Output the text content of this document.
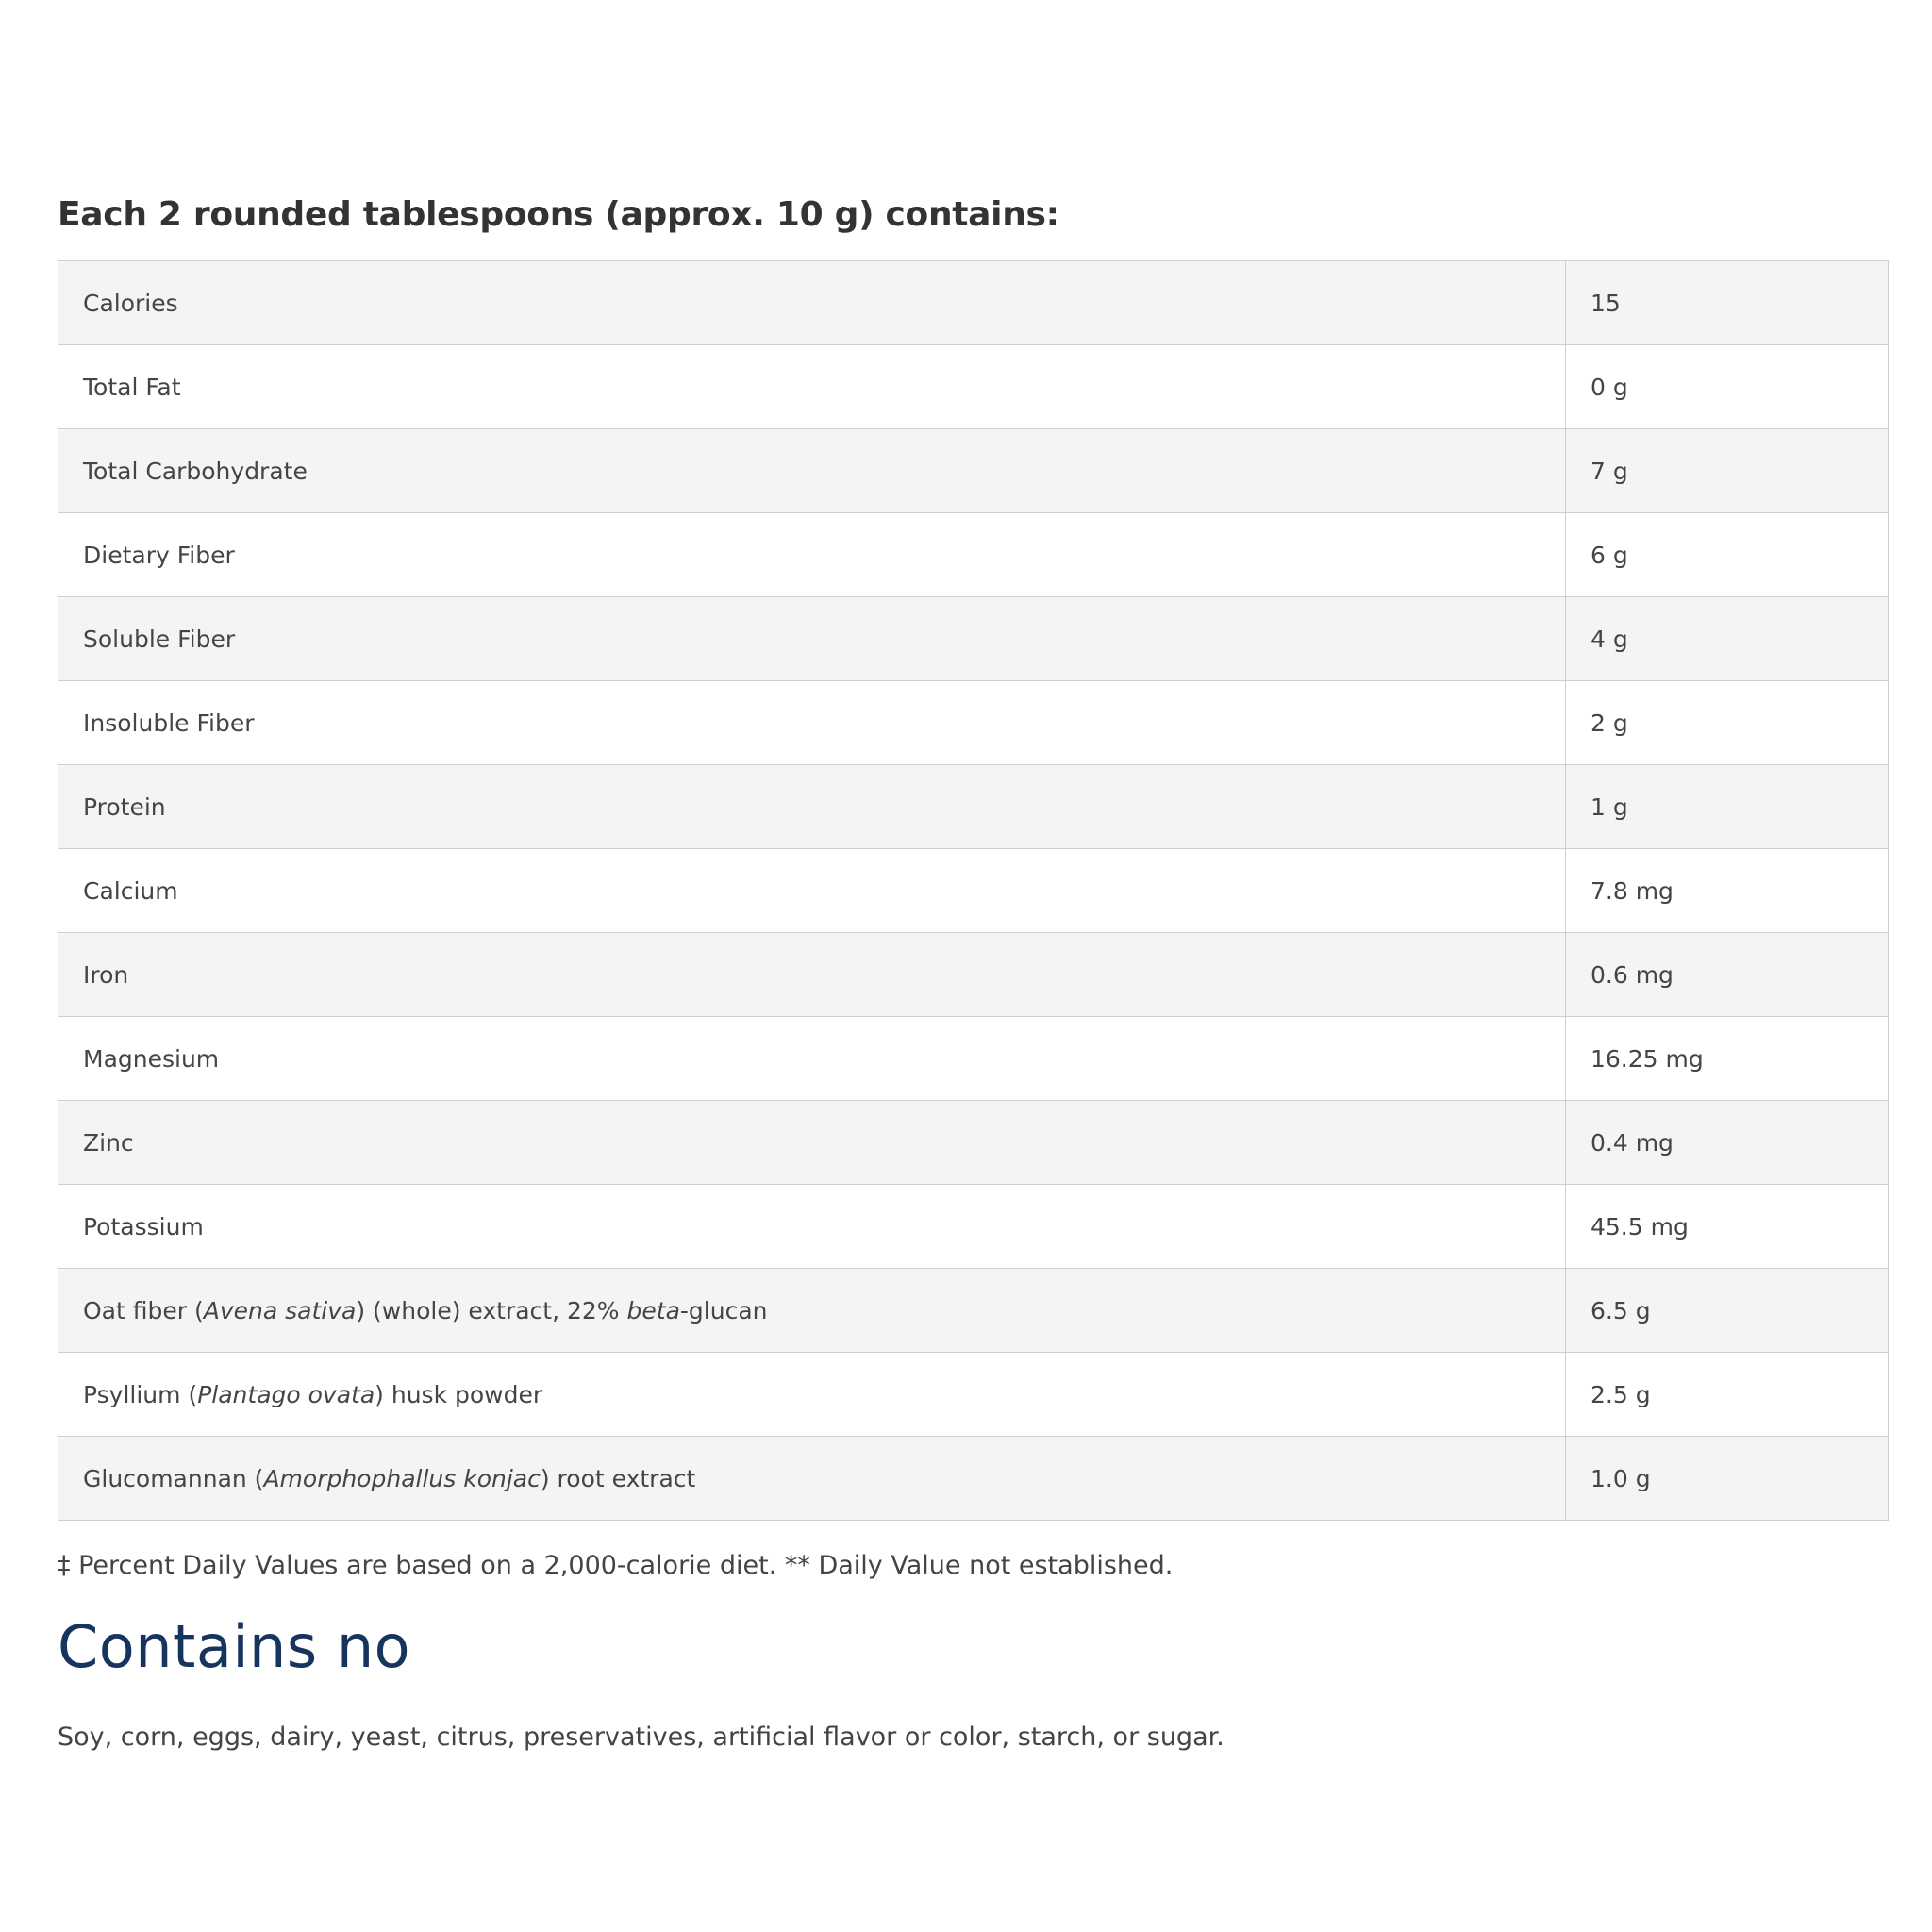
Each 2 rounded tablespoons (approx. 10 g) contains:
Calories	15
Total Fat	0 g
Total Carbohydrate	7 g
Dietary Fiber	6 g
Soluble Fiber	4 g
Insoluble Fiber	2 g
Protein	1 g
Calcium	7.8 mg
Iron	0.6 mg
Magnesium	16.25 mg
Zinc	0.4 mg
Potassium	45.5 mg
Oat fiber (Avena sativa) (whole) extract, 22% beta-glucan	6.5 g
Psyllium (Plantago ovata) husk powder	2.5 g
Glucomannan (Amorphophallus konjac) root extract	1.0 g

‡ Percent Daily Values are based on a 2,000-calorie diet. ** Daily Value not established.

Contains no

Soy, corn, eggs, dairy, yeast, citrus, preservatives, artificial flavor or color, starch, or sugar.
